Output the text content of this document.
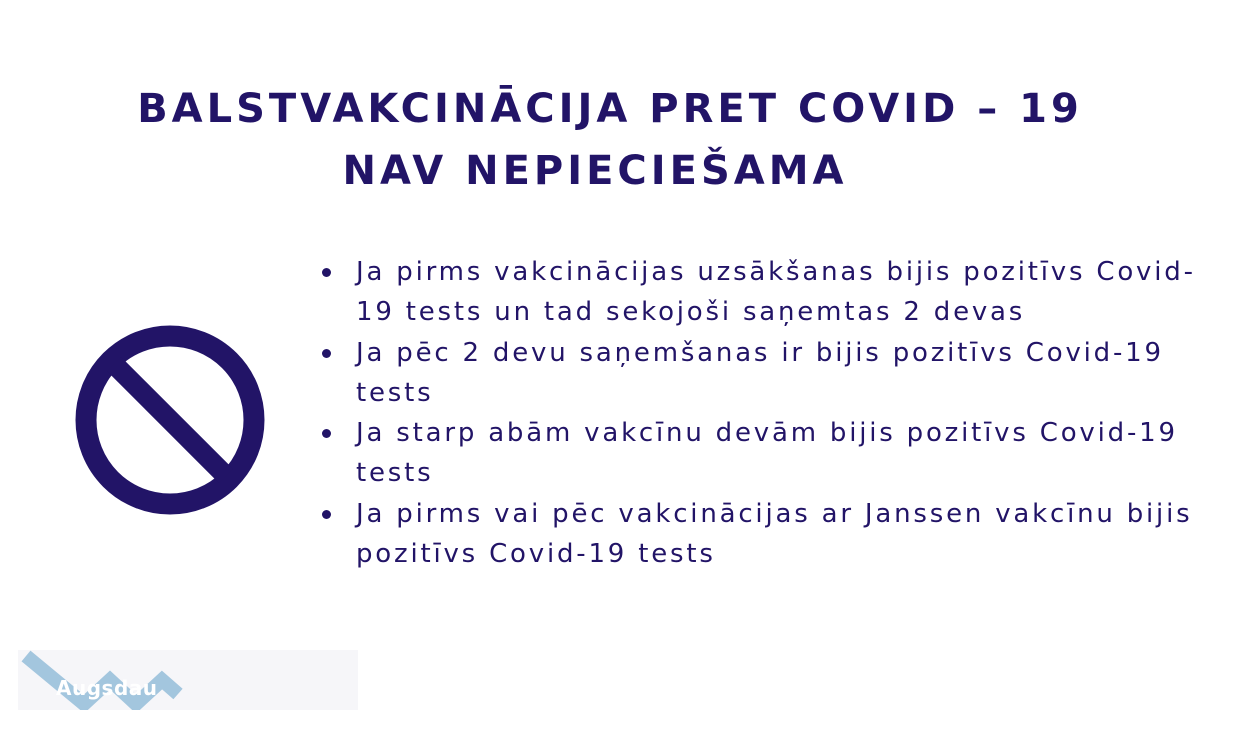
BALSTVAKCINĀCIJA PRET COVID – 19
NAV NEPIECIEŠAMA
Ja pirms vakcinācijas uzsākšanas bijis pozitīvs Covid-19 tests un tad sekojoši saņemtas 2 devas
Ja pēc 2 devu saņemšanas ir bijis pozitīvs Covid-19 tests
Ja starp abām vakcīnu devām bijis pozitīvs Covid-19 tests
Ja pirms vai pēc vakcinācijas ar Janssen vakcīnu bijis pozitīvs Covid-19 tests
Augsdau
